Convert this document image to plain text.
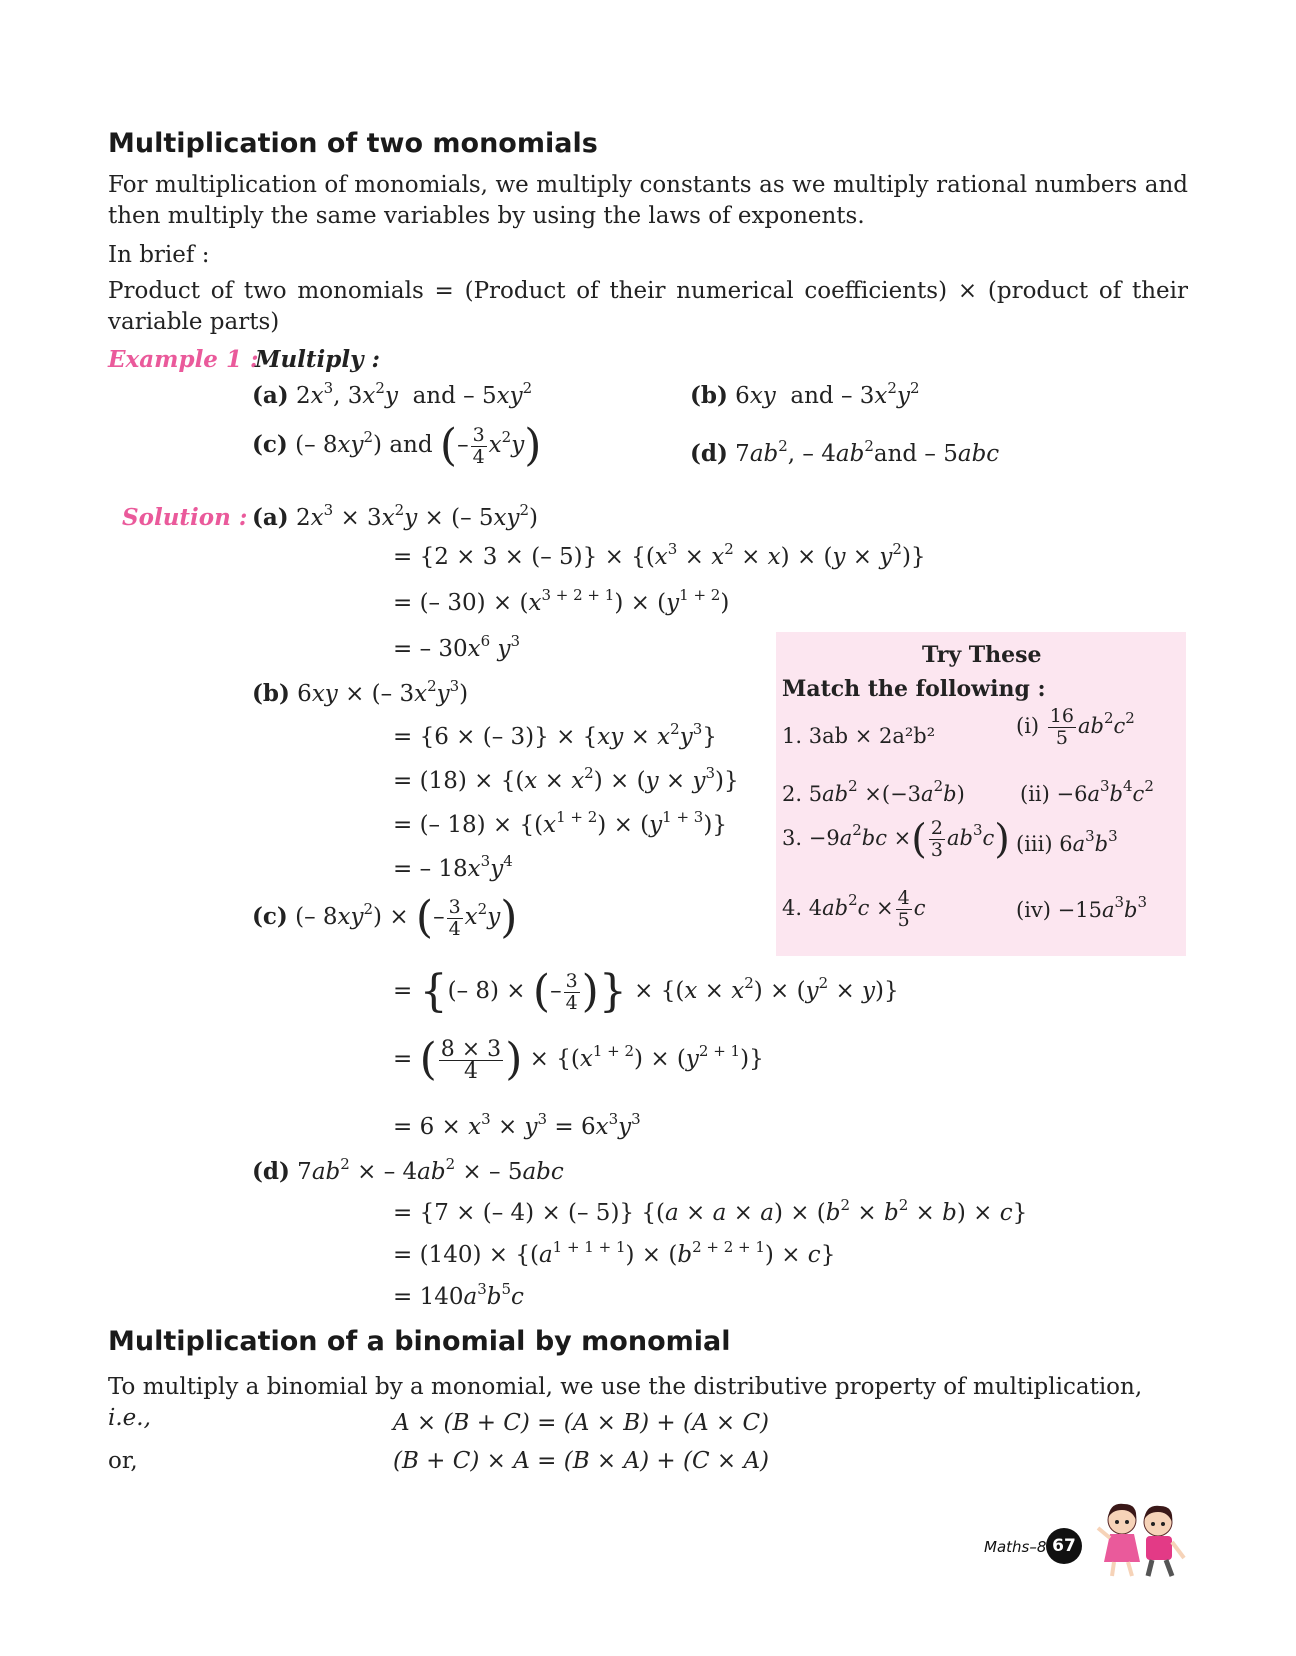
Multiplication of two monomials
For multiplication of monomials, we multiply constants as we multiply rational numbers and then multiply the same variables by using the laws of exponents.
In brief :
Product of two monomials = (Product of their numerical coefficients) × (product of their variable parts)
Example 1 :
Multiply :
(a) $2x^3$, $3x^2y$ and – $5xy^2$	(b) 6xy and – $3x^2y^2$
(c) (– $8xy^2$) and (– $\frac{3}{4} x^2y$)	(d) $7ab^2$, – $4ab^2and - 5abc$
Solution : (a) $2x^3 \times 3x^2y$ × (– $5xy^2$)
= {2 × 3 × (– $5)\} \times \{(x^3 \times x^2 \times x) \times (y \times y^2)\}$
= (– $30) \times (x^{3 + 2 + 1}) \times (y^{1 + 2})$
= – $30x^6$ $y^3$
(b) 6xy × (– $3x^2y^3$)
= {6 × (– $3)\} \times \{xy \times x^2y^3\}$
= $(18) \times \{(x \times x^2) \times (y \times y^3)\}$
= (– $18) \times \{(x^{1 + 2}) \times (y^{1 + 3})\}$
= – $18x^3y^4$
(c) (– $8xy^2$) × (– $\frac{3}{4} x^2y$)
= {(– 8) × (– $\frac{3}{4}$ )} × $\{(x \times x^2) \times (y^2 \times y)\}$
= ( $\frac{8 \times 3}{4}$ ) × $\{(x^{1 + 2}) \times (y^{2 + 1})\}$
= $6 \times x^3 \times y^3 = 6x^3y^3$
(d) $7ab^2$ × – $4ab^2$ × – 5abc
= {7 × (– 4) × (– 5)} $\{(a \times a \times a) \times (b^2 \times b^2 \times b) \times c\}$
= $(140) \times \{(a^{1 + 1 + 1}) \times (b^{2 + 2 + 1}) \times c\}$
= $140a^3b^5c$
Try These
Match the following :
1. 3ab × 2a²b²	$(i) \frac{16}{5} ab^2c^2$
2. $5ab^2 \times(-3a^2b)$	$(ii) -6a^3b^4c^2$
3. $-9a^2bc$ ×( $\frac{2}{3} ab^3c$) (iii) $6a^3b^3$
4. $4ab^2c \times \frac{4}{5}$ c	$(iv) -15a^3b^3$
Multiplication of a binomial by monomial
To multiply a binomial by a monomial, we use the distributive property of multiplication, i.e.,	A × (B + C) = (A × B) + (A × C)
or,	(B + C) × A = (B × A) + (C × A)
Maths–8 67
